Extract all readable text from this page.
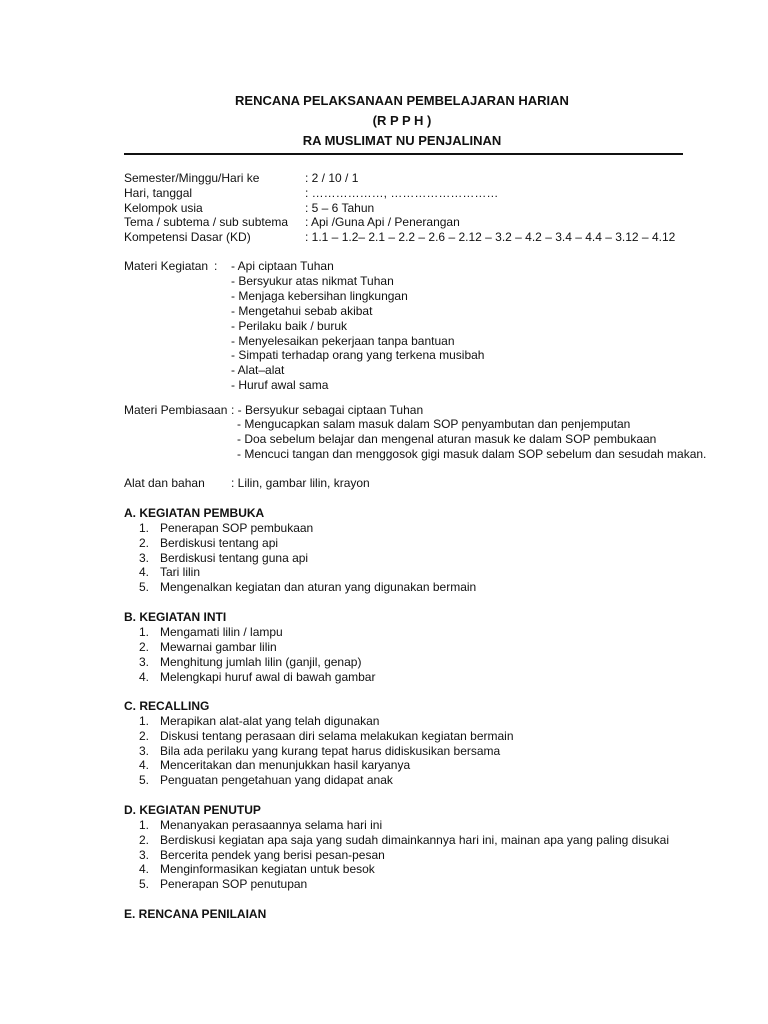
RENCANA PELAKSANAAN PEMBELAJARAN HARIAN
(R P P H )
RA MUSLIMAT NU PENJALINAN
Semester/Minggu/Hari ke	: 2 / 10 / 1
Hari, tanggal	: ………………, ………………………
Kelompok usia	: 5 – 6 Tahun
Tema / subtema / sub subtema : Api /Guna Api / Penerangan
Kompetensi Dasar (KD)	: 1.1 – 1.2– 2.1 – 2.2 – 2.6 – 2.12 – 3.2 – 4.2 – 3.4 – 4.4 – 3.12 – 4.12
Materi Kegiatan : - Api ciptaan Tuhan
- Bersyukur atas nikmat Tuhan
- Menjaga kebersihan lingkungan
- Mengetahui sebab akibat
- Perilaku baik / buruk
- Menyelesaikan pekerjaan tanpa bantuan
- Simpati terhadap orang yang terkena musibah
- Alat–alat
- Huruf awal sama
Materi Pembiasaan : - Bersyukur sebagai ciptaan Tuhan
- Mengucapkan salam masuk dalam SOP penyambutan dan penjemputan
- Doa sebelum belajar dan mengenal aturan masuk ke dalam SOP pembukaan
- Mencuci tangan dan menggosok gigi masuk dalam SOP sebelum dan sesudah makan.
Alat dan bahan : Lilin, gambar lilin, krayon
A. KEGIATAN PEMBUKA
1. Penerapan SOP pembukaan
2. Berdiskusi tentang api
3. Berdiskusi tentang guna api
4. Tari lilin
5. Mengenalkan kegiatan dan aturan yang digunakan bermain
B. KEGIATAN INTI
1. Mengamati lilin / lampu
2. Mewarnai gambar lilin
3. Menghitung jumlah lilin (ganjil, genap)
4. Melengkapi huruf awal di bawah gambar
C. RECALLING
1. Merapikan alat-alat yang telah digunakan
2. Diskusi tentang perasaan diri selama melakukan kegiatan bermain
3. Bila ada perilaku yang kurang tepat harus didiskusikan bersama
4. Menceritakan dan menunjukkan hasil karyanya
5. Penguatan pengetahuan yang didapat anak
D. KEGIATAN PENUTUP
1. Menanyakan perasaannya selama hari ini
2. Berdiskusi kegiatan apa saja yang sudah dimainkannya hari ini, mainan apa yang paling disukai
3. Bercerita pendek yang berisi pesan-pesan
4. Menginformasikan kegiatan untuk besok
5. Penerapan SOP penutupan
E. RENCANA PENILAIAN
